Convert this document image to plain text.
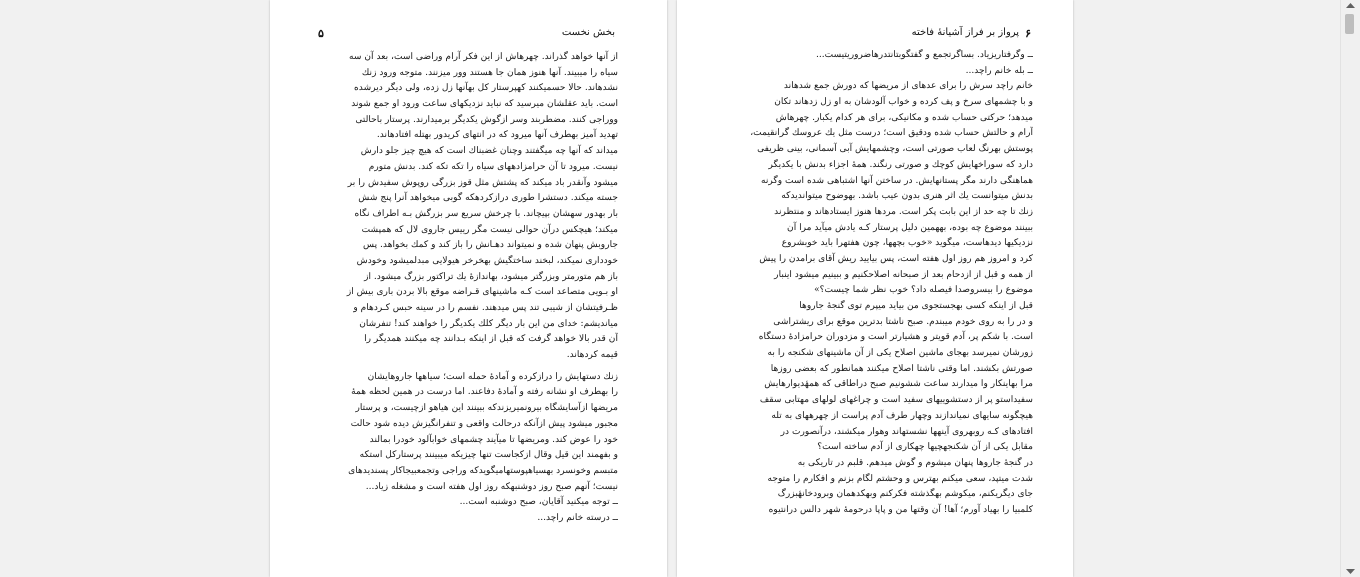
بخش نخست
۵
از آنها خواهد گذراند. چهرهاش از این فکر آرام وراضی است، بعد آن سه
سیاه را میبیند. آنها هنوز همان جا هستند وور میزنند. متوجه ورود زنك
نشدهاند. حالا حسمیکنند کهپرستار کل بهآنها زل زده، ولی دیگر دیرشده
است. باید عقلشان میرسید که نباید نزدیکهای ساعت ورود او جمع شوند
ووراجی کنند. مضطربند وسر ازگوش یکدیگر برمیدارند. پرستار باحالتی
تهدید آمیز بهطرف آنها میرود که در انتهای کریدور بهتله افتادهاند.
میداند که آنها چه میگفتند وچنان غضبناك است که هیچ چیز جلو دارش
نیست. میرود تا آن حرامزادههای سیاه را تکه تکه کند. بدنش متورم
میشود وآنقدر باد میکند که پشتش مثل قوز بزرگی روپوش سفیدش را بر
جسته میکند. دستشرا طوری درازکردهکه گوبی میخواهد آنرا پنج شش
بار بهدور سهشان بپیچاند. با چرخش سریع سر بزرگش بـه اطراف نگاه
میکند؛ هیچکس درآن حوالی نیست مگر رییس جاروی لال که همپشت
جاروبش پنهان شده و نمیتواند دهـانش را باز کند و کمك بخواهد. پس
خودداری نمیکند، لبخند ساختگیش بهخرخر هیولایی مبدلمیشود وخودش
باز هم متورمتر وبزرگتر میشود، بهاندازهٔ یك تراکتور بزرگ میشود. از
او بـویی متصاعد است کـه ماشینهای قـراضه موقع بالا بردن باری بیش از
ظـرفیتشان از شیبی تند پس میدهند. نفسم را در سینه حبس کـردهام و
میاندیشم: خدای من این بار دیگر کلك یکدیگر را خواهند کند! تنفرشان
آن قدر بالا خواهد گرفت که قبل از اینکه بـدانند چه میکنند همدیگر را
قیمه کردهاند.
زنك دستهایش را درازکرده و آمادهٔ حمله است؛ سیاهها جاروهایشان
را بهطرف او نشانه رفته و آمادهٔ دفاعند. اما درست در همین لحظه همهٔ
مریضها ازآسایشگاه بیرونمیریزندکه ببینند این هیاهو ازچیست، و پرستار
مجبور میشود پیش ازآنکه درحالت واقعی و تنفرانگیزش دیده شود حالت
خود را عوض کند. ومریضها تا میآیند چشمهای خوابآلود خودرا بمالند
و بفهمند این قیل وقال ازکجاست تنها چیزیکه میبینند پرستارکل استکه
متبسم وخونسرد بهسیاهپوستهامیگویدکه وراجی وتجمعبیجاکار پسندیدهای
نیست؛ آنهم صبح روز دوشنبهکه روز اول هفته است و مشغله زیاد...
ــ توجه میکنید آقایان، صبح دوشنبه است...
ــ درسته خانم راچد...
۶
پرواز بر فراز آشیانهٔ فاخته
ــ وگرفتاریزیاد. بساگرتجمع و گفتگوبتانتدرهاضروریتیست...
ــ بله خانم راچد...
خانم راچد سرش را برای عدهای از مریضها که دورش جمع شدهاند
و با چشمهای سرخ و پف کرده و خواب آلودشان به او زل زدهاند تکان
میدهد؛ حرکتی حساب شده و مکانیکی، برای هر کدام یکبار. چهرهاش
آرام و حالتش حساب شده ودقیق است؛ درست مثل یك عروسك گرانقیمت،
پوستش بهرنگ لعاب صورتی است، وچشمهایش آبی آسمانی، بینی ظریفی
دارد که سوراخهایش کوچك و صورتی رنگند. همهٔ اجزاء بدنش با یکدیگر
هماهنگی دارند مگر پستانهایش. در ساختن آنها اشتباهی شده است وگرنه
بدنش میتوانست یك اثر هنری بدون عیب باشد. بهوضوح میتواندیدکه
زنك تا چه حد از این بابت پکر است. مردها هنوز ایستادهاند و منتظرند
ببینند موضوع چه بوده، بههمین دلیل پرستار کـه یادش میآید مرا آن
نزدیکیها دیدهاست، میگوید «خوب بچهها، چون هفتهرا باید خوبشروع
کرد و امروز هم روز اول هفته است، پس بیایید ریش آقای برامدن را پیش
از همه و قبل از ازدحام بعد از صبحانه اصلاحکنیم و ببینیم میشود اینبار
موضوع را بیسروصدا فیصله داد؟ خوب نظر شما چیست؟»
قبل از اینکه کسی بهجستجوی من بیاید میپرم توی گنجهٔ جاروها
و در را به روی خودم میبندم. صبح ناشتا بدترین موقع برای ریشتراشی
است. با شکم پر، آدم قویتر و هشیارتر است و مزدوران حرامزادهٔ دستگاه
زورشان نمیرسد بهجای ماشین اصلاح یکی از آن ماشینهای شکنجه را به
صورتش بکشند. اما وقتی ناشتا اصلاح میکنند همانطور که بعضی روزها
مرا بهاینکار وا میدارند ساعت ششونیم صبح دراطاقی که همهٔدیوارهایش
سفیداستو پر از دستشوییهای سفید است و چراغهای لولهای مهتابی سقف
هیچگونه سایهای نمیاندازند وچهار طرف آدم پراست از چهرههای به تله
افتادهای کـه روبهروی آینهها نشستهاند وهوار میکشند، درآنصورت در
مقابل یکی از آن شکنجهچیها چهکاری از آدم ساخته است؟
در گنجهٔ جاروها پنهان میشوم و گوش میدهم. قلبم در تاریکی به
شدت میتپد، سعی میکنم بهترس و وحشتم لگام بزنم و افکارم را متوجه
جای دیگریکنم، میکوشم بهگذشته فکرکنم وبهکدهمان وبرودخانهٔبزرگ
کلمبیا را بهیاد آورم؛ آها! آن وقتها من و پاپا درحومهٔ شهر دالس درانتیوه
